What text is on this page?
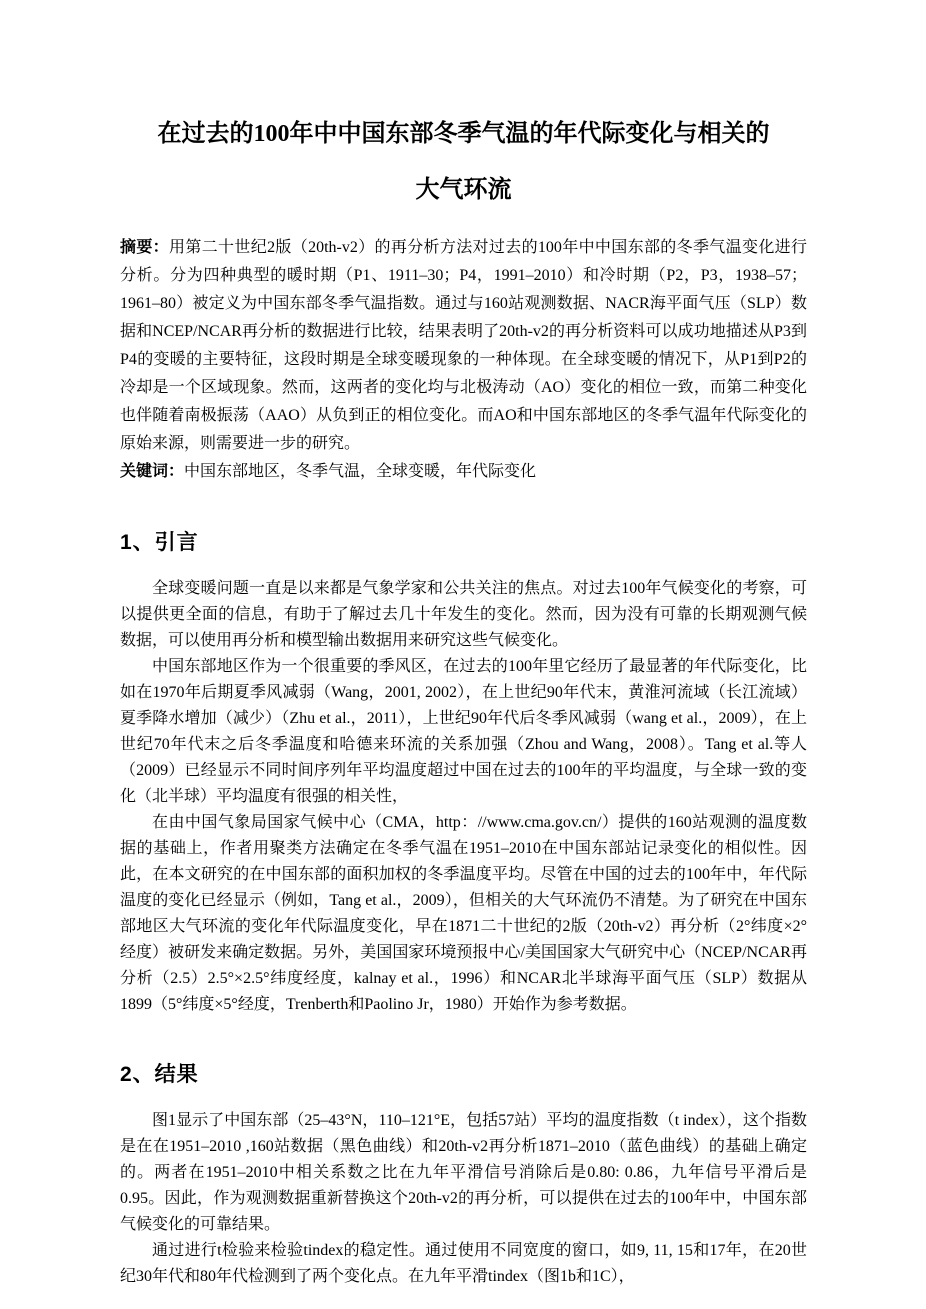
在过去的100年中中国东部冬季气温的年代际变化与相关的
大气环流

摘要：用第二十世纪2版（20th-v2）的再分析方法对过去的100年中中国东部的冬季气温变化进行分析。分为四种典型的暖时期（P1、1911–30；P4，1991–2010）和冷时期（P2，P3，1938–57；1961–80）被定义为中国东部冬季气温指数。通过与160站观测数据、NACR海平面气压（SLP）数据和NCEP/NCAR再分析的数据进行比较，结果表明了20th-v2的再分析资料可以成功地描述从P3到P4的变暖的主要特征，这段时期是全球变暖现象的一种体现。在全球变暖的情况下，从P1到P2的冷却是一个区域现象。然而，这两者的变化均与北极涛动（AO）变化的相位一致，而第二种变化也伴随着南极振荡（AAO）从负到正的相位变化。而AO和中国东部地区的冬季气温年代际变化的原始来源，则需要进一步的研究。

关键词：中国东部地区，冬季气温，全球变暖，年代际变化

1、引言

全球变暖问题一直是以来都是气象学家和公共关注的焦点。对过去100年气候变化的考察，可以提供更全面的信息，有助于了解过去几十年发生的变化。然而，因为没有可靠的长期观测气候数据，可以使用再分析和模型输出数据用来研究这些气候变化。

中国东部地区作为一个很重要的季风区，在过去的100年里它经历了最显著的年代际变化，比如在1970年后期夏季风减弱（Wang，2001, 2002），在上世纪90年代末，黄淮河流域（长江流域）夏季降水增加（减少）（Zhu et al.，2011），上世纪90年代后冬季风减弱（wang et al.，2009），在上世纪70年代末之后冬季温度和哈德来环流的关系加强（Zhou and Wang，2008）。Tang et al.等人（2009）已经显示不同时间序列年平均温度超过中国在过去的100年的平均温度，与全球一致的变化（北半球）平均温度有很强的相关性，

在由中国气象局国家气候中心（CMA，http：//www.cma.gov.cn/）提供的160站观测的温度数据的基础上，作者用聚类方法确定在冬季气温在1951–2010在中国东部站记录变化的相似性。因此，在本文研究的在中国东部的面积加权的冬季温度平均。尽管在中国的过去的100年中，年代际温度的变化已经显示（例如，Tang et al.，2009），但相关的大气环流仍不清楚。为了研究在中国东部地区大气环流的变化年代际温度变化，早在1871二十世纪的2版（20th-v2）再分析（2°纬度×2°经度）被研发来确定数据。另外，美国国家环境预报中心/美国国家大气研究中心（NCEP/NCAR再分析（2.5）2.5°×2.5°纬度经度，kalnay et al.，1996）和NCAR北半球海平面气压（SLP）数据从1899（5°纬度×5°经度，Trenberth和Paolino Jr，1980）开始作为参考数据。

2、结果

图1显示了中国东部（25–43°N，110–121°E，包括57站）平均的温度指数（t index），这个指数是在在1951–2010 ,160站数据（黑色曲线）和20th-v2再分析1871–2010（蓝色曲线）的基础上确定的。两者在1951–2010中相关系数之比在九年平滑信号消除后是0.80: 0.86，九年信号平滑后是0.95。因此，作为观测数据重新替换这个20th-v2的再分析，可以提供在过去的100年中，中国东部气候变化的可靠结果。

通过进行t检验来检验tindex的稳定性。通过使用不同宽度的窗口，如9, 11, 15和17年，在20世纪30年代和80年代检测到了两个变化点。在九年平滑tindex（图1b和1C），
